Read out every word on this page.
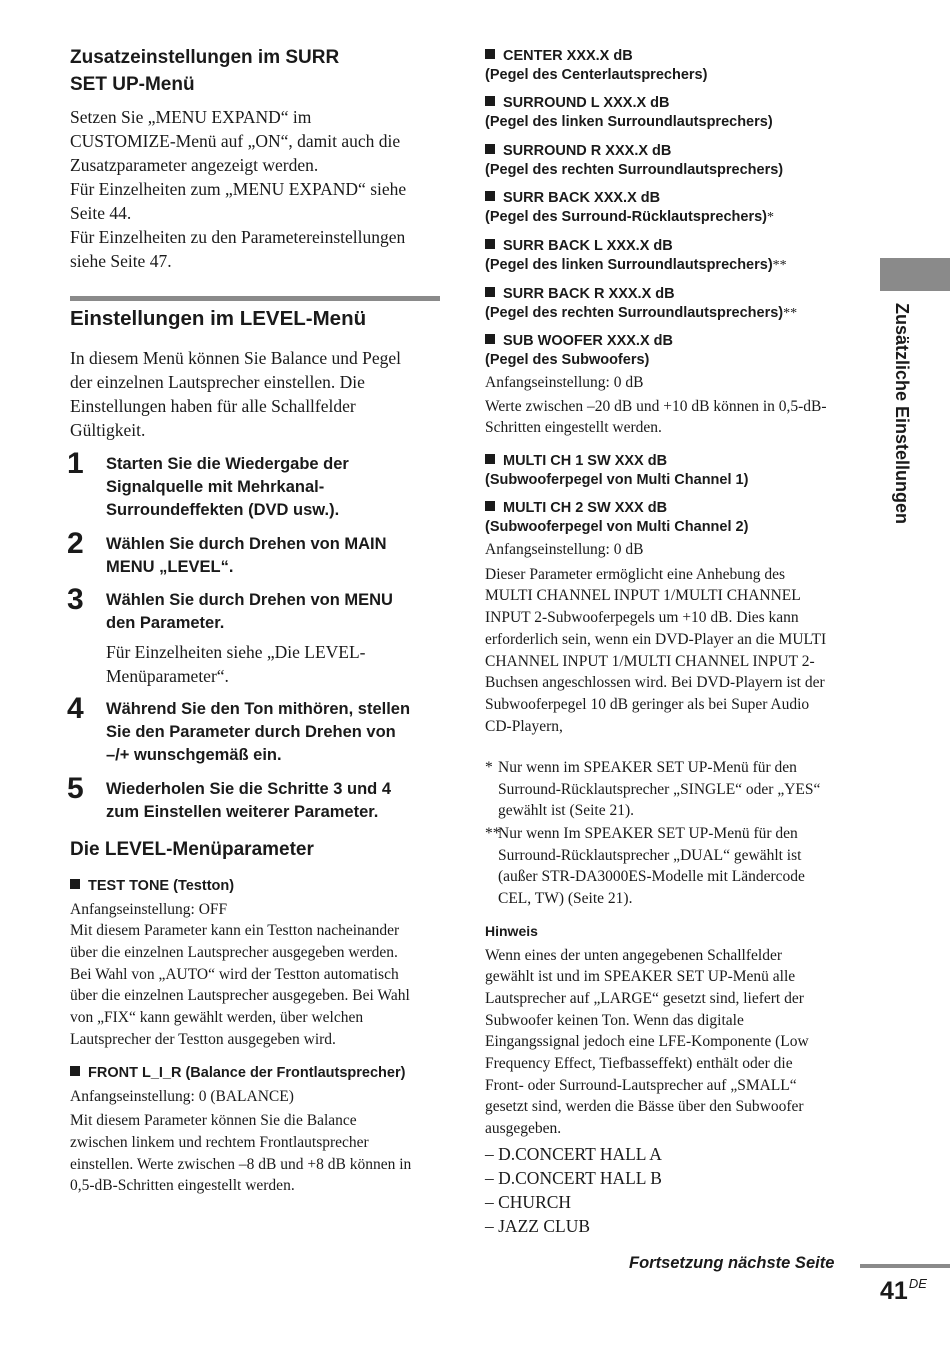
Zusatzeinstellungen im SURR
SET UP-Menü

Setzen Sie „MENU EXPAND“ im

CUSTOMIZE-Menü auf „ON“, damit auch die

Zusatzparameter angezeigt werden.

Für Einzelheiten zum „MENU EXPAND“ siehe

Seite 44.

Für Einzelheiten zu den Parametereinstellungen

siehe Seite 47.

Einstellungen im LEVEL-Menü

In diesem Menü können Sie Balance und Pegel

der einzelnen Lautsprecher einstellen. Die

Einstellungen haben für alle Schallfelder

Gültigkeit.

1 Starten Sie die Wiedergabe der
Signalquelle mit Mehrkanal-
Surroundeffekten (DVD usw.).
2 Wählen Sie durch Drehen von MAIN
MENU „LEVEL“.
3 Wählen Sie durch Drehen von MENU
den Parameter.
Für Einzelheiten siehe „Die LEVEL-
Menüparameter“.
4 Während Sie den Ton mithören, stellen
Sie den Parameter durch Drehen von
–/+ wunschgemäß ein.
5 Wiederholen Sie die Schritte 3 und 4
zum Einstellen weiterer Parameter.
Die LEVEL-Menüparameter

TEST TONE (Testton)

Anfangseinstellung: OFF

Mit diesem Parameter kann ein Testton nacheinander

über die einzelnen Lautsprecher ausgegeben werden.

Bei Wahl von „AUTO“ wird der Testton automatisch

über die einzelnen Lautsprecher ausgegeben. Bei Wahl

von „FIX“ kann gewählt werden, über welchen

Lautsprecher der Testton ausgegeben wird.

FRONT L_I_R (Balance der Frontlautsprecher)

Anfangseinstellung: 0 (BALANCE)

Mit diesem Parameter können Sie die Balance

zwischen linkem und rechtem Frontlautsprecher

einstellen. Werte zwischen –8 dB und +8 dB können in

0,5-dB-Schritten eingestellt werden.

CENTER XXX.X dB

(Pegel des Centerlautsprechers)

SURROUND L XXX.X dB

(Pegel des linken Surroundlautsprechers)

SURROUND R XXX.X dB

(Pegel des rechten Surroundlautsprechers)

SURR BACK XXX.X dB

(Pegel des Surround-Rücklautsprechers)*

SURR BACK L XXX.X dB

(Pegel des linken Surroundlautsprechers)**

SURR BACK R XXX.X dB

(Pegel des rechten Surroundlautsprechers)**

SUB WOOFER XXX.X dB

(Pegel des Subwoofers)

Anfangseinstellung: 0 dB

Werte zwischen –20 dB und +10 dB können in 0,5-dB-

Schritten eingestellt werden.

MULTI CH 1 SW XXX dB

(Subwooferpegel von Multi Channel 1)

MULTI CH 2 SW XXX dB

(Subwooferpegel von Multi Channel 2)

Anfangseinstellung: 0 dB

Dieser Parameter ermöglicht eine Anhebung des

MULTI CHANNEL INPUT 1/MULTI CHANNEL

INPUT 2-Subwooferpegels um +10 dB. Dies kann

erforderlich sein, wenn ein DVD-Player an die MULTI

CHANNEL INPUT 1/MULTI CHANNEL INPUT 2-

Buchsen angeschlossen wird. Bei DVD-Playern ist der

Subwooferpegel 10 dB geringer als bei Super Audio

CD-Playern,

* Nur wenn im SPEAKER SET UP-Menü für den
Surround-Rücklautsprecher „SINGLE“ oder „YES“
gewählt ist (Seite 21).
**
Nur wenn Im SPEAKER SET UP-Menü für den
Surround-Rücklautsprecher „DUAL“ gewählt ist
(außer STR-DA3000ES-Modelle mit Ländercode
CEL, TW) (Seite 21).

Hinweis

Wenn eines der unten angegebenen Schallfelder

gewählt ist und im SPEAKER SET UP-Menü alle

Lautsprecher auf „LARGE“ gesetzt sind, liefert der

Subwoofer keinen Ton. Wenn das digitale

Eingangssignal jedoch eine LFE-Komponente (Low

Frequency Effect, Tiefbasseffekt) enthält oder die

Front- oder Surround-Lautsprecher auf „SMALL“

gesetzt sind, werden die Bässe über den Subwoofer

ausgegeben.

– D.CONCERT HALL A

– D.CONCERT HALL B

– CHURCH

– JAZZ CLUB

Zusätzliche Einstellungen
Fortsetzung nächste Seite
41DE
